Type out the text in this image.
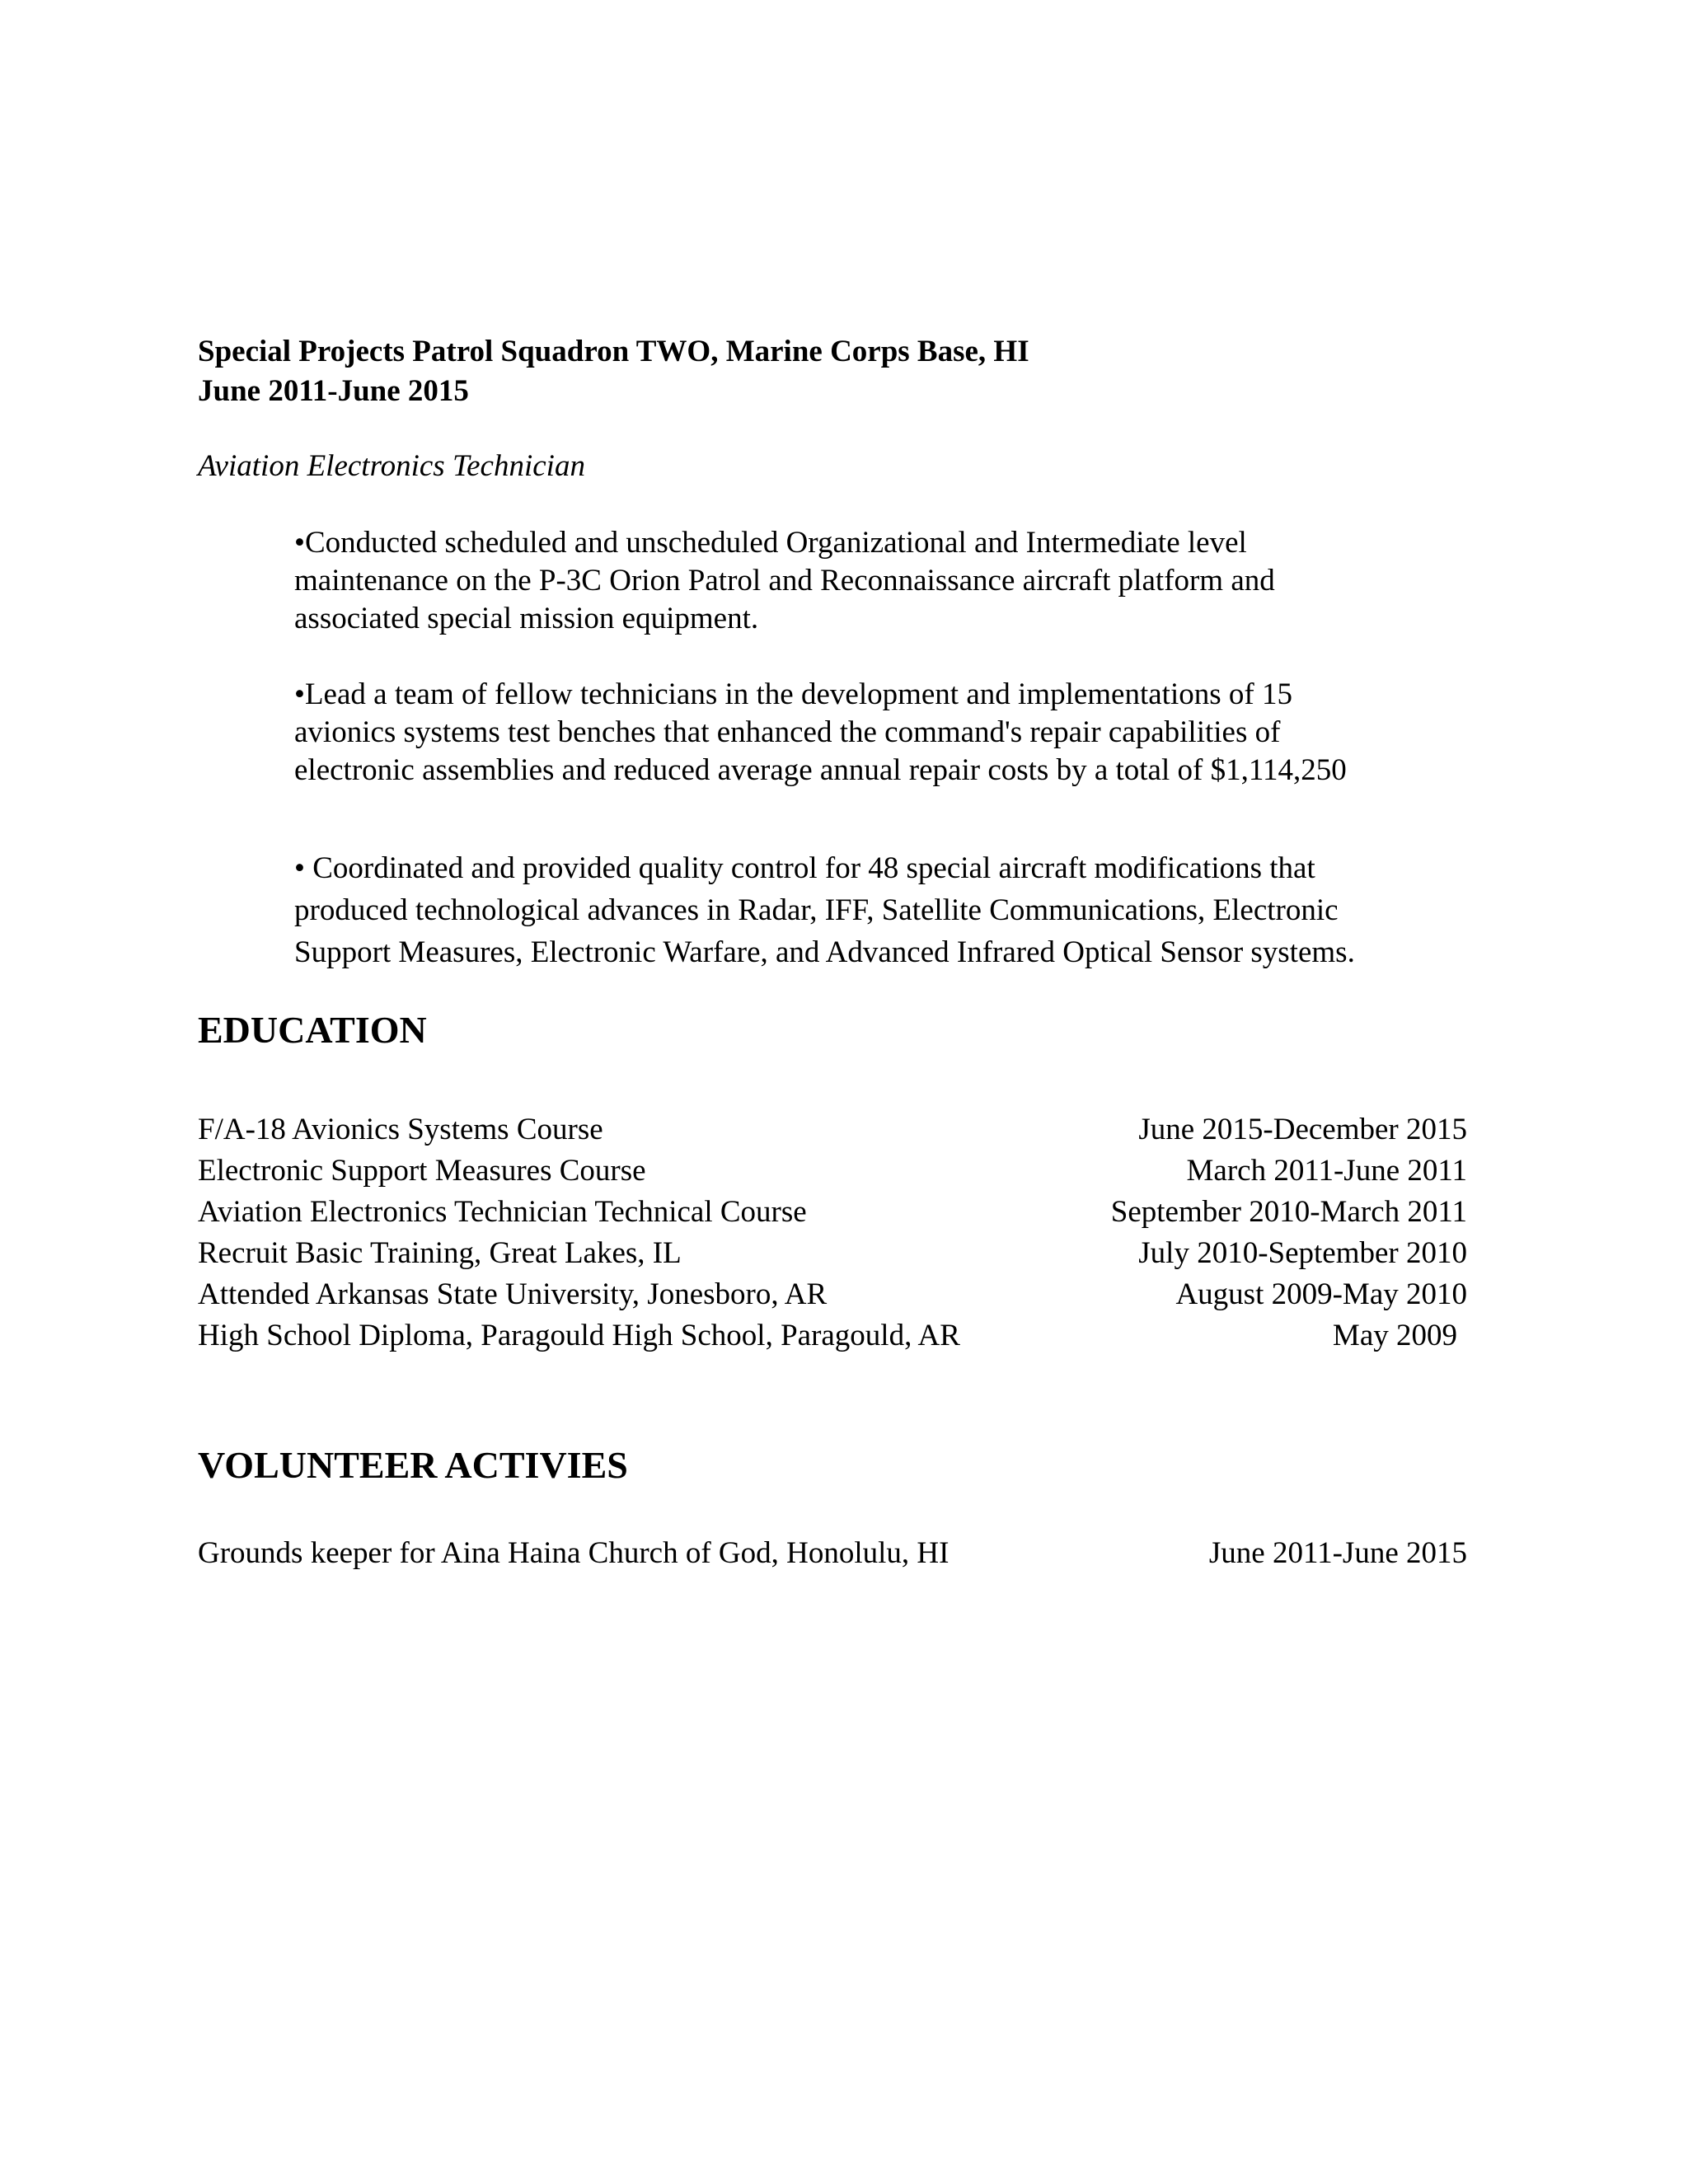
Special Projects Patrol Squadron TWO, Marine Corps Base, HI
June 2011-June 2015
Aviation Electronics Technician
•Conducted scheduled and unscheduled Organizational and Intermediate level
maintenance on the P-3C Orion Patrol and Reconnaissance aircraft platform and
associated special mission equipment.
•Lead a team of fellow technicians in the development and implementations of 15
avionics systems test benches that enhanced the command's repair capabilities of
electronic assemblies and reduced average annual repair costs by a total of $1,114,250
• Coordinated and provided quality control for 48 special aircraft modifications that
produced technological advances in Radar, IFF, Satellite Communications, Electronic
Support Measures, Electronic Warfare, and Advanced Infrared Optical Sensor systems.
EDUCATION
F/A-18 Avionics Systems Course	June 2015-December 2015
Electronic Support Measures Course	March 2011-June 2011
Aviation Electronics Technician Technical Course	September 2010-March 2011
Recruit Basic Training, Great Lakes, IL	July 2010-September 2010
Attended Arkansas State University, Jonesboro, AR	August 2009-May 2010
High School Diploma, Paragould High School, Paragould, AR	May 2009
VOLUNTEER ACTIVIES
Grounds keeper for Aina Haina Church of God, Honolulu, HI	June 2011-June 2015
